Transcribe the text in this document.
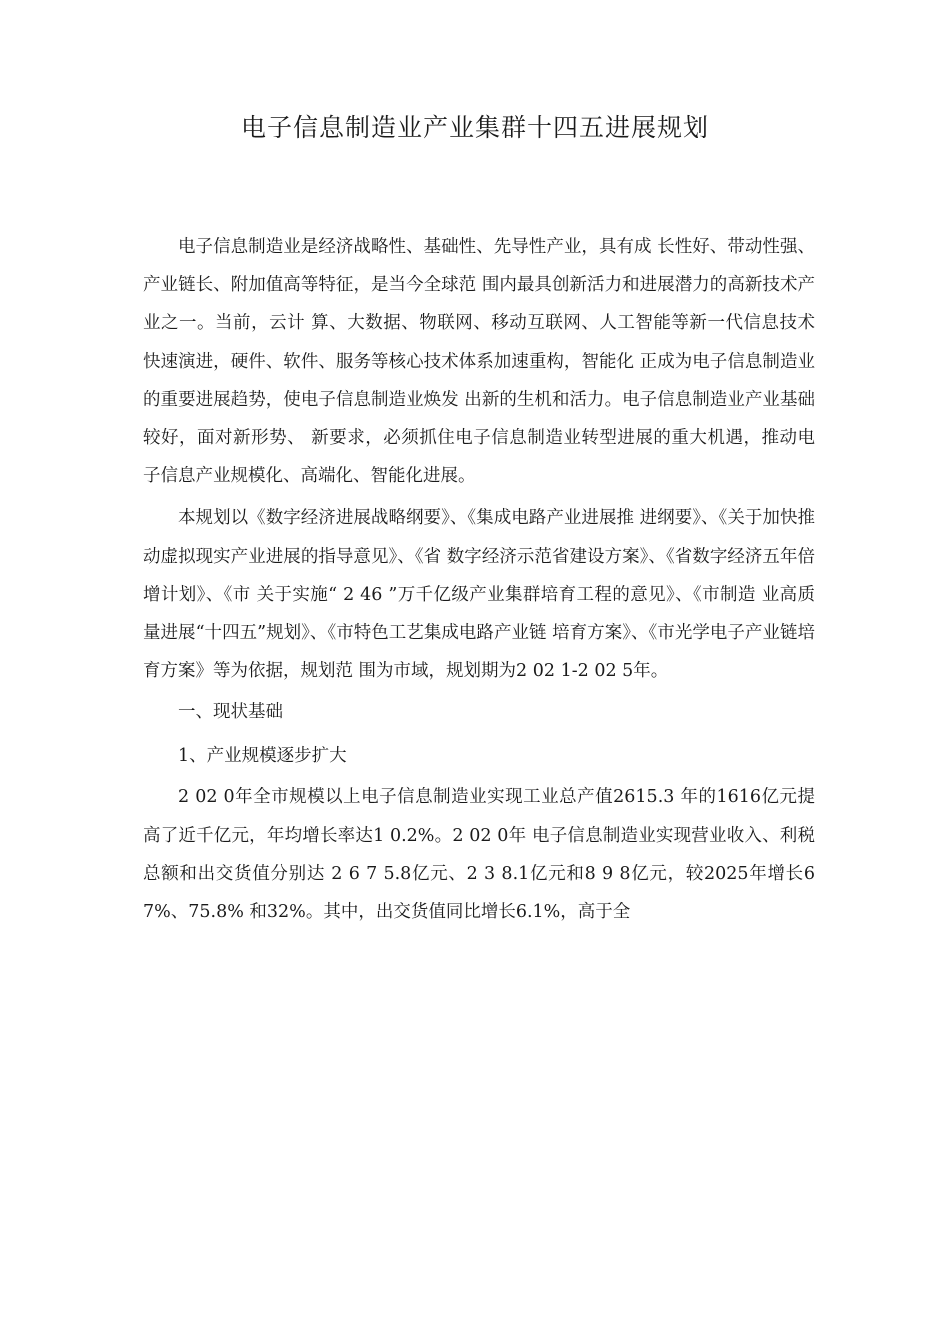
电子信息制造业产业集群十四五进展规划

电子信息制造业是经济战略性、基础性、先导性产业，具有成 长性好、带动性强、产业链长、附加值高等特征，是当今全球范 围内最具创新活力和进展潜力的高新技术产业之一。当前，云计 算、大数据、物联网、移动互联网、人工智能等新一代信息技术 快速演进，硬件、软件、服务等核心技术体系加速重构，智能化 正成为电子信息制造业的重要进展趋势，使电子信息制造业焕发 出新的生机和活力。电子信息制造业产业基础较好，面对新形势、 新要求，必须抓住电子信息制造业转型进展的重大机遇，推动电 子信息产业规模化、高端化、智能化进展。

本规划以《数字经济进展战略纲要》、《集成电路产业进展推 进纲要》、《关于加快推动虚拟现实产业进展的指导意见》、《省 数字经济示范省建设方案》、《省数字经济五年倍增计划》、《市 关于实施“ 2 46 ”万千亿级产业集群培育工程的意见》、《市制造 业高质量进展“十四五”规划》、《市特色工艺集成电路产业链 培育方案》、《市光学电子产业链培育方案》等为依据，规划范 围为市域，规划期为2 02 1-2 02 5年。

一、现状基础

1、产业规模逐步扩大

2 02 0年全市规模以上电子信息制造业实现工业总产值2615.3 年的1616亿元提高了近千亿元，年均增长率达1 0.2%。2 02 0年 电子信息制造业实现营业收入、利税总额和出交货值分别达 2 6 7 5.8亿元、2 3 8.1亿元和8 9 8亿元，较2025年增长6 7%、75.8% 和32%。其中，出交货值同比增长6.1%，高于全
